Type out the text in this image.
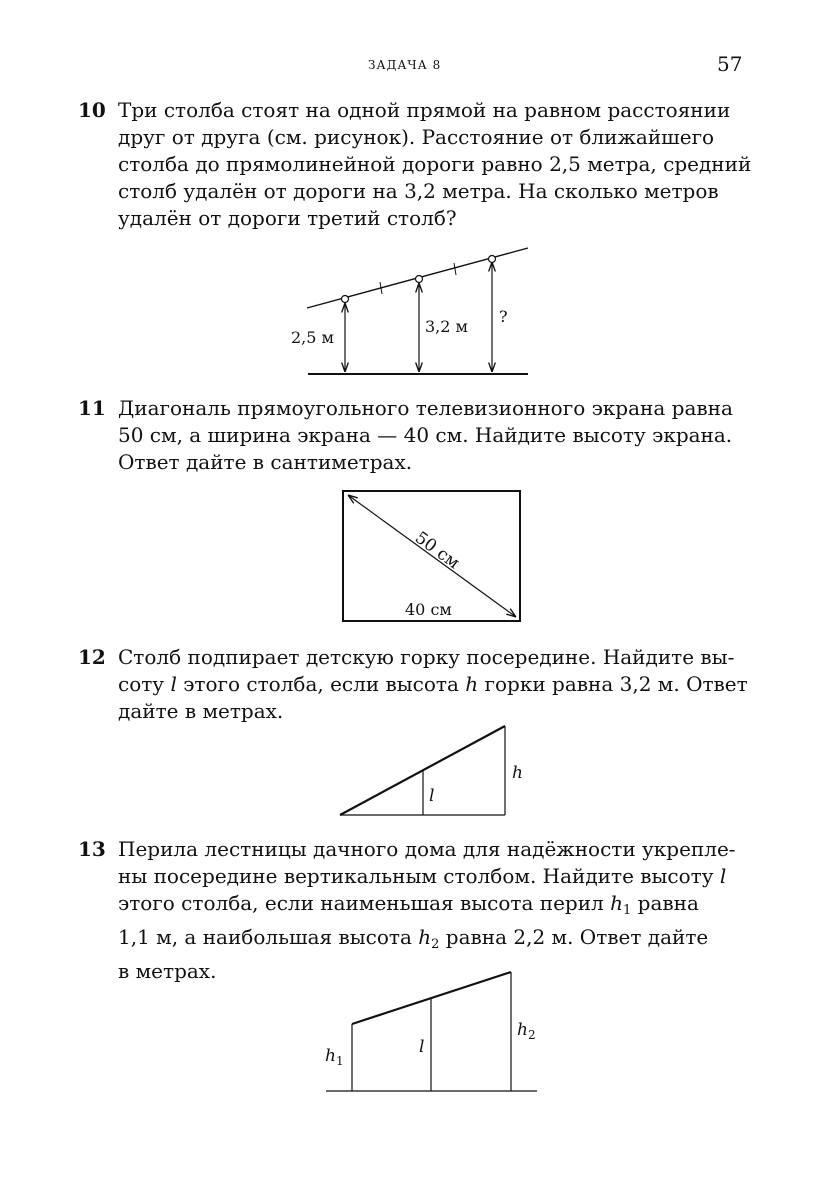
ЗАДАЧА 8	57
10 Три столба стоят на одной прямой на равном расстоянии
друг от друга (см. рисунок). Расстояние от ближайшего
столба до прямолинейной дороги равно 2,5 метра, средний
столб удалён от дороги на 3,2 метра. На сколько метров
удалён от дороги третий столб?
2,5 м
3,2 м
?
50 см
40 см
h
l
$h_1$
l
$h_2$
11 Диагональ прямоугольного телевизионного экрана равна
50 см, а ширина экрана — 40 см. Найдите высоту экрана.
Ответ дайте в сантиметрах.
12 Столб подпирает детскую горку посередине. Найдите вы-
соту l этого столба, если высота h горки равна 3,2 м. Ответ
дайте в метрах.
13 Перила лестницы дачного дома для надёжности укрепле-
ны посередине вертикальным столбом. Найдите высоту l
этого столба, если наименьшая высота перил $h_1$ равна
1,1 м, а наибольшая высота $h_2$ равна 2,2 м. Ответ дайте
в метрах.
